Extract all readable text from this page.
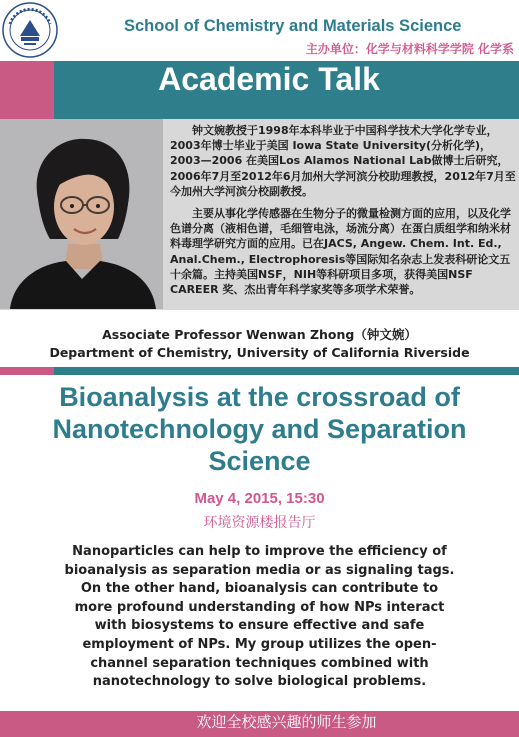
School of Chemistry and Materials Science
主办单位：化学与材料科学学院 化学系
Academic Talk

钟文婉教授于1998年本科毕业于中国科学技术大学化学专业，2003年博士毕业于美国 Iowa State University(分析化学)，2003—2006 在美国Los Alamos National Lab做博士后研究，2006年7月至2012年6月加州大学河滨分校助理教授，2012年7月至今加州大学河滨分校副教授。

主要从事化学传感器在生物分子的微量检测方面的应用，以及化学色谱分离（液相色谱，毛细管电泳，场流分离）在蛋白质组学和纳米材料毒理学研究方面的应用。已在JACS, Angew. Chem. Int. Ed., Anal.Chem., Electrophoresis等国际知名杂志上发表科研论文五十余篇。主持美国NSF，NIH等科研项目多项，获得美国NSF CAREER 奖、杰出青年科学家奖等多项学术荣誉。

Associate Professor Wenwan Zhong（钟文婉）
Department of Chemistry, University of California Riverside
Bioanalysis at the crossroad of Nanotechnology and Separation Science
May 4, 2015, 15:30
环境资源楼报告厅

Nanoparticles can help to improve the efficiency of bioanalysis as separation media or as signaling tags. On the other hand, bioanalysis can contribute to more profound understanding of how NPs interact with biosystems to ensure effective and safe employment of NPs. My group utilizes the open-channel separation techniques combined with nanotechnology to solve biological problems.

欢迎全校感兴趣的师生参加
